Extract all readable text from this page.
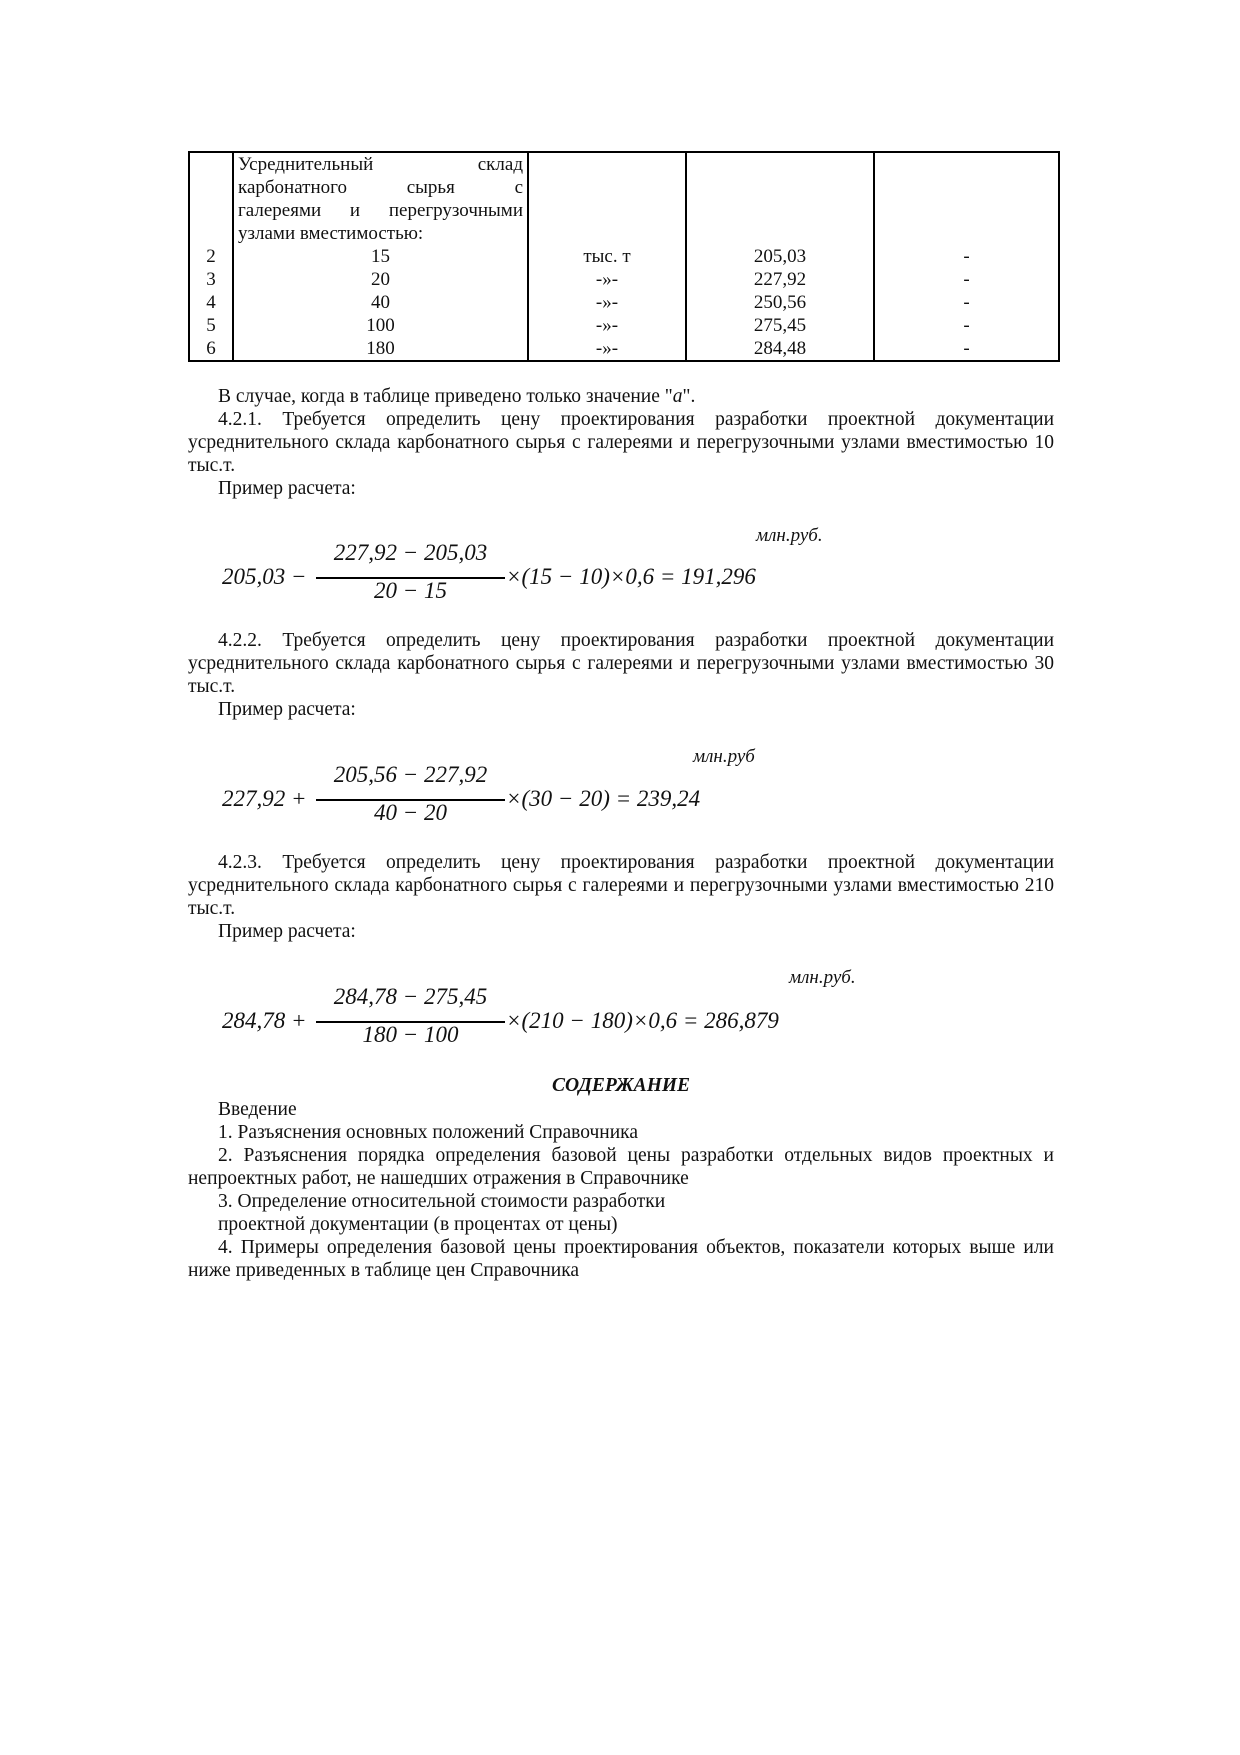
	Усреднительный склад
карбонатного сырья с
галереями и перегрузочными
узлами вместимостью:			

2	15	тыс. т	205,03	-
3	20	-»-	227,92	-
4	40	-»-	250,56	-
5	100	-»-	275,45	-
6	180	-»-	284,48	-
В случае, когда в таблице приведено только значение "а".
4.2.1. Требуется определить цену проектирования разработки проектной документации усреднительного склада карбонатного сырья с галереями и перегрузочными узлами вместимостью 10 тыс.т.
Пример расчета:
млн.руб.
205,03 −
227,92 − 205,03
20 − 15
×(15 − 10)×0,6 = 191,296
4.2.2. Требуется определить цену проектирования разработки проектной документации усреднительного склада карбонатного сырья с галереями и перегрузочными узлами вместимостью 30 тыс.т.
Пример расчета:
млн.руб
227,92 +
205,56 − 227,92
40 − 20
×(30 − 20) = 239,24
4.2.3. Требуется определить цену проектирования разработки проектной документации усреднительного склада карбонатного сырья с галереями и перегрузочными узлами вместимостью 210 тыс.т.
Пример расчета:
млн.руб.
284,78 +
284,78 − 275,45
180 − 100
×(210 − 180)×0,6 = 286,879
СОДЕРЖАНИЕ
Введение
1. Разъяснения основных положений Справочника
2. Разъяснения порядка определения базовой цены разработки отдельных видов проектных и непроектных работ, не нашедших отражения в Справочнике
3. Определение относительной стоимости разработки
проектной документации (в процентах от цены)
4. Примеры определения базовой цены проектирования объектов, показатели которых выше или ниже приведенных в таблице цен Справочника
